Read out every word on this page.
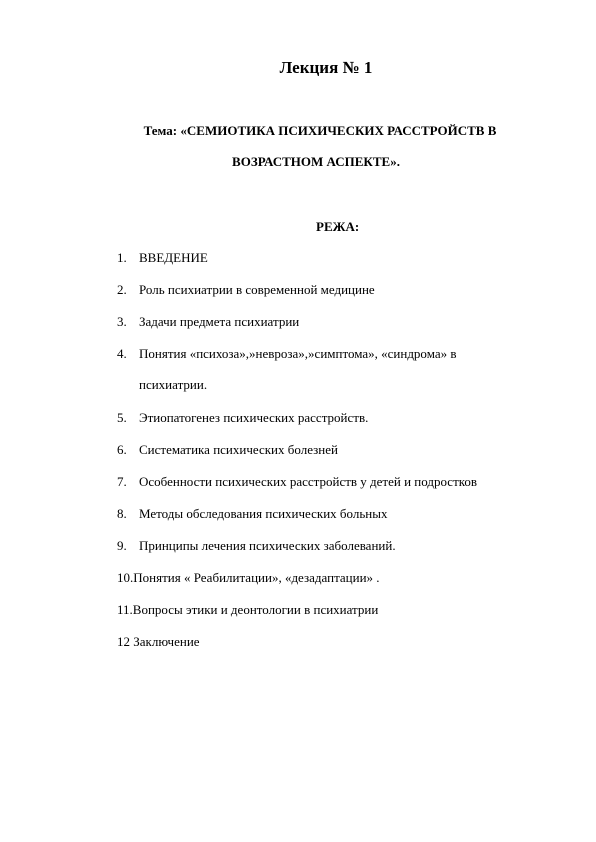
Лекция № 1
Тема: «СЕМИОТИКА ПСИХИЧЕСКИХ РАССТРОЙСТВ В
ВОЗРАСТНОМ АСПЕКТЕ».
РЕЖА:
1. ВВЕДЕНИЕ
2. Роль психиатрии в современной медицине
3. Задачи предмета психиатрии
4. Понятия «психоза»,»невроза»,»симптома», «синдрома» в
психиатрии.
5. Этиопатогенез психических расстройств.
6. Систематика психических болезней
7. Особенности психических расстройств у детей и подростков
8. Методы обследования психических больных
9. Принципы лечения психических заболеваний.
10.Понятия « Реабилитации», «дезадаптации» .
11.Вопросы этики и деонтологии в психиатрии
12 Заключение
